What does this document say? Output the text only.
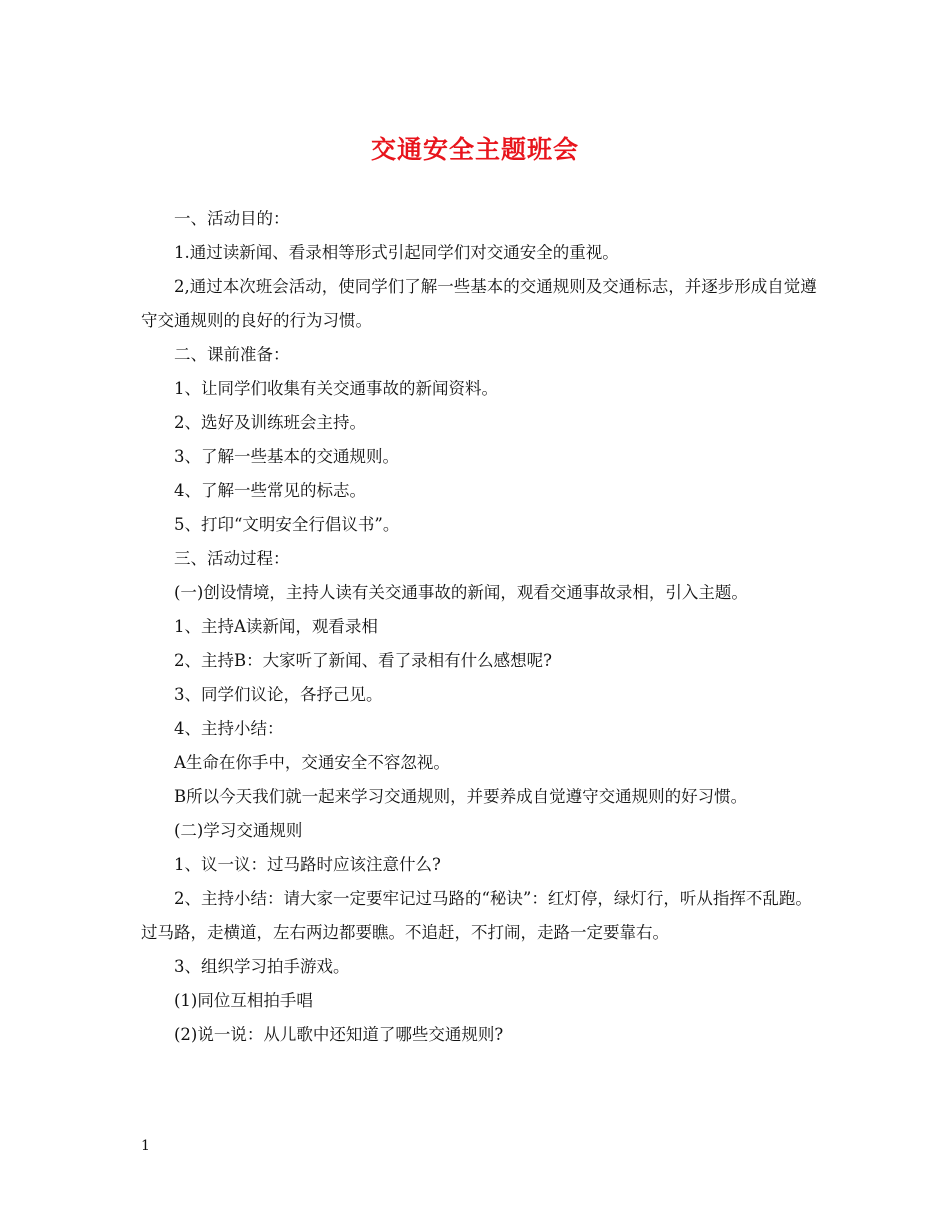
交通安全主题班会

一、活动目的：

1.通过读新闻、看录相等形式引起同学们对交通安全的重视。

2,通过本次班会活动，使同学们了解一些基本的交通规则及交通标志，并逐步形成自觉遵守交通规则的良好的行为习惯。

二、课前准备：

1、让同学们收集有关交通事故的新闻资料。

2、选好及训练班会主持。

3、了解一些基本的交通规则。

4、了解一些常见的标志。

5、打印“文明安全行倡议书”。

三、活动过程：

(一)创设情境，主持人读有关交通事故的新闻，观看交通事故录相，引入主题。

1、主持A读新闻，观看录相

2、主持B：大家听了新闻、看了录相有什么感想呢?

3、同学们议论，各抒己见。

4、主持小结：

A生命在你手中，交通安全不容忽视。

B所以今天我们就一起来学习交通规则，并要养成自觉遵守交通规则的好习惯。

(二)学习交通规则

1、议一议：过马路时应该注意什么?

2、主持小结：请大家一定要牢记过马路的“秘诀”：红灯停，绿灯行，听从指挥不乱跑。过马路，走横道，左右两边都要瞧。不追赶，不打闹，走路一定要靠右。

3、组织学习拍手游戏。

(1)同位互相拍手唱

(2)说一说：从儿歌中还知道了哪些交通规则?

1
